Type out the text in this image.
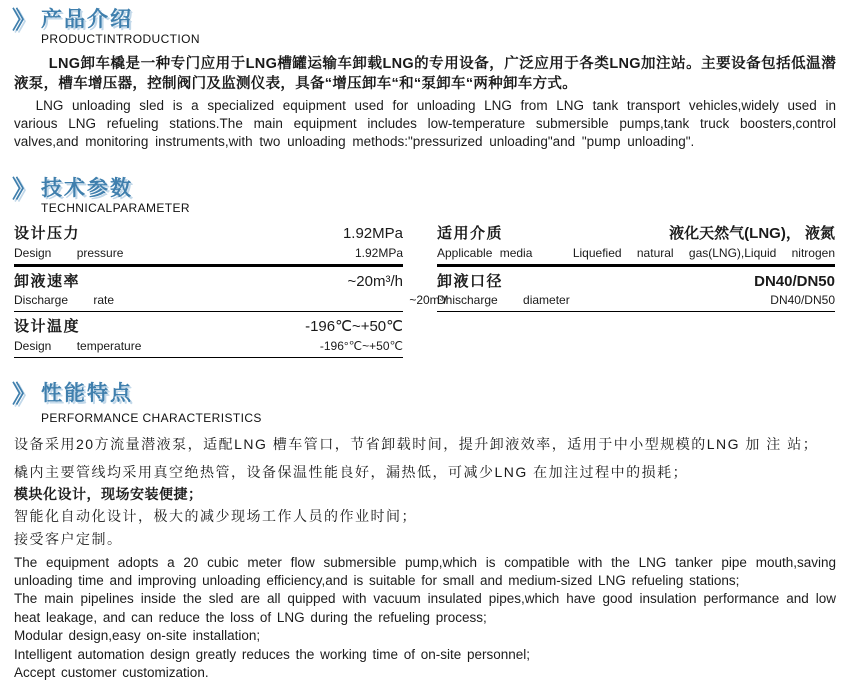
》 产品介绍
PRODUCTINTRODUCTION

LNG卸车橇是一种专门应用于LNG槽罐运输车卸载LNG的专用设备，广泛应用于各类LNG加注站。主要设备包括低温潜液泵，槽车增压器，控制阀门及监测仪表，具备“增压卸车“和“泵卸车“两种卸车方式。

LNG unloading sled is a specialized equipment used for unloading LNG from LNG tank transport vehicles,widely used in various LNG refueling stations.The main equipment includes low-temperature submersible pumps,tank truck boosters,control valves,and monitoring instruments,with two unloading methods:"pressurized unloading"and "pump unloading".

》 技术参数
TECHNICALPARAMETER
设计压力	1.92MPa
Design pressure	1.92MPa
适用介质	液化天然气(LNG)， 液氮
Applicable media	Liquefied natural gas(LNG),Liquid nitrogen
卸液速率	~20m³/h
Discharge rate	~20m³/
卸液口径	DN40/DN50
Dhischarge diameter	DN40/DN50
设计温度	-196℃~+50℃
Design temperature	-196°℃~+50℃
》 性能特点
PERFORMANCE CHARACTERISTICS
设备采用20方流量潜液泵，适配LNG 槽车管口，节省卸载时间，提升卸液效率，适用于中小型规模的LNG 加 注 站；
橇内主要管线均采用真空绝热管，设备保温性能良好，漏热低，可减少LNG 在加注过程中的损耗；
模块化设计，现场安装便捷；
智能化自动化设计，极大的减少现场工作人员的作业时间；
接受客户定制。
The equipment adopts a 20 cubic meter flow submersible pump,which is compatible with the LNG tanker pipe mouth,saving unloading time and improving unloading efficiency,and is suitable for small and medium-sized LNG refueling stations;
The main pipelines inside the sled are all quipped with vacuum insulated pipes,which have good insulation performance and low heat leakage, and can reduce the loss of LNG during the refueling process;
Modular design,easy on-site installation;
Intelligent automation design greatly reduces the working time of on-site personnel;
Accept customer customization.
